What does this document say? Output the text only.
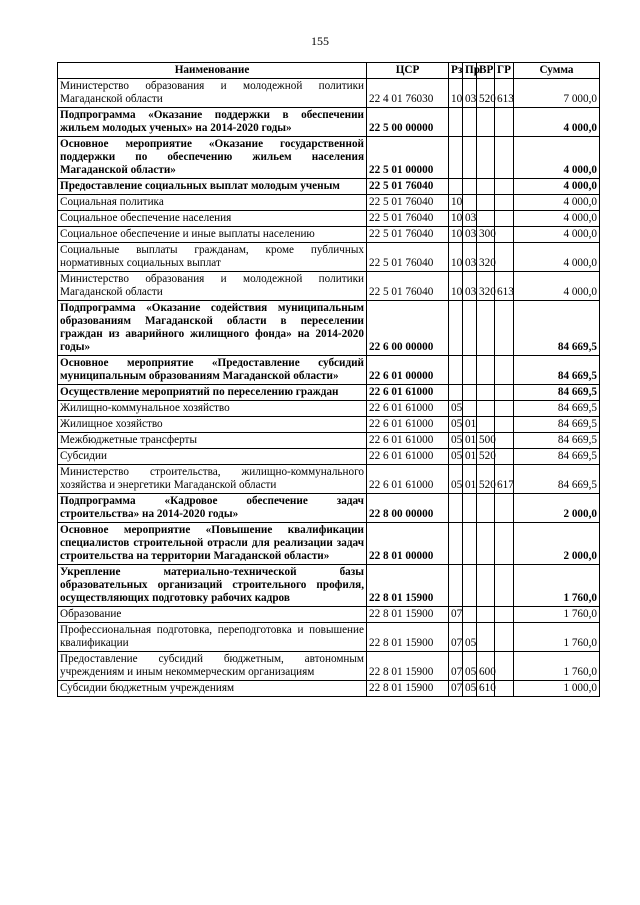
155
Наименование	ЦСР	Рз	Пр	ВР	ГР	Сумма
Министерство образования и молодежной политики Магаданской области	22 4 01 76030	10	03	520	613	7 000,0
Подпрограмма «Оказание поддержки в обеспечении жильем молодых ученых» на 2014-2020 годы»	22 5 00 00000					4 000,0
Основное мероприятие «Оказание государственной поддержки по обеспечению жильем населения Магаданской области»	22 5 01 00000					4 000,0
Предоставление социальных выплат молодым ученым	22 5 01 76040					4 000,0
Социальная политика	22 5 01 76040	10				4 000,0
Социальное обеспечение населения	22 5 01 76040	10	03			4 000,0
Социальное обеспечение и иные выплаты населению	22 5 01 76040	10	03	300		4 000,0
Социальные выплаты гражданам, кроме публичных нормативных социальных выплат	22 5 01 76040	10	03	320		4 000,0
Министерство образования и молодежной политики Магаданской области	22 5 01 76040	10	03	320	613	4 000,0
Подпрограмма «Оказание содействия муниципальным образованиям Магаданской области в переселении граждан из аварийного жилищного фонда» на 2014-2020 годы»	22 6 00 00000					84 669,5
Основное мероприятие «Предоставление субсидий муниципальным образованиям Магаданской области»	22 6 01 00000					84 669,5
Осуществление мероприятий по переселению граждан	22 6 01 61000					84 669,5
Жилищно-коммунальное хозяйство	22 6 01 61000	05				84 669,5
Жилищное хозяйство	22 6 01 61000	05	01			84 669,5
Межбюджетные трансферты	22 6 01 61000	05	01	500		84 669,5
Субсидии	22 6 01 61000	05	01	520		84 669,5
Министерство строительства, жилищно-коммунального хозяйства и энергетики Магаданской области	22 6 01 61000	05	01	520	617	84 669,5
Подпрограмма «Кадровое обеспечение задач строительства» на 2014-2020 годы»	22 8 00 00000					2 000,0
Основное мероприятие «Повышение квалификации специалистов строительной отрасли для реализации задач строительства на территории Магаданской области»	22 8 01 00000					2 000,0
Укрепление материально-технической базы образовательных организаций строительного профиля, осуществляющих подготовку рабочих кадров	22 8 01 15900					1 760,0
Образование	22 8 01 15900	07				1 760,0
Профессиональная подготовка, переподготовка и повышение квалификации	22 8 01 15900	07	05			1 760,0
Предоставление субсидий бюджетным, автономным учреждениям и иным некоммерческим организациям	22 8 01 15900	07	05	600		1 760,0
Субсидии бюджетным учреждениям	22 8 01 15900	07	05	610		1 000,0
